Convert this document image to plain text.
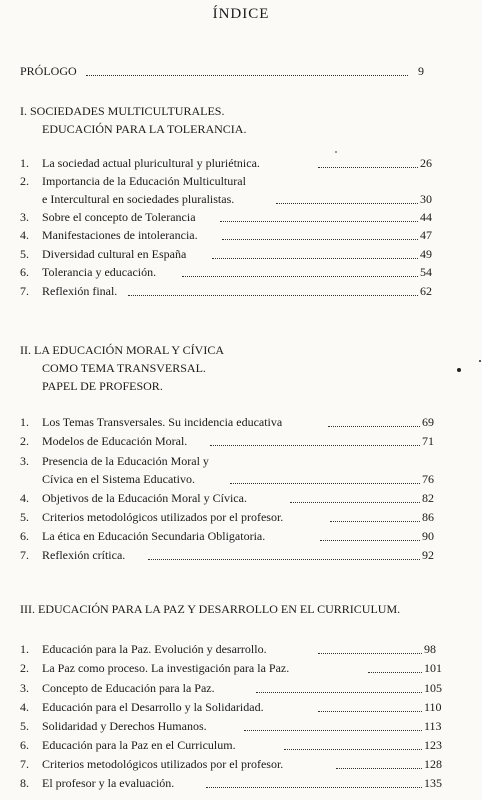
ÍNDICE
PRÓLOGO	9
I. SOCIEDADES MULTICULTURALES.
EDUCACIÓN PARA LA TOLERANCIA.
1. La sociedad actual pluricultural y pluriétnica.	26
2. Importancia de la Educación Multicultural
e Intercultural en sociedades pluralistas.	30
3. Sobre el concepto de Tolerancia	44
4. Manifestaciones de intolerancia.	47
5. Diversidad cultural en España	49
6. Tolerancia y educación.	54
7. Reflexión final.	62
II. LA EDUCACIÓN MORAL Y CÍVICA
COMO TEMA TRANSVERSAL.
PAPEL DE PROFESOR.
1. Los Temas Transversales. Su incidencia educativa	69
2. Modelos de Educación Moral.	71
3. Presencia de la Educación Moral y
Cívica en el Sistema Educativo.	76
4. Objetivos de la Educación Moral y Cívica.	82
5. Criterios metodológicos utilizados por el profesor.	86
6. La ética en Educación Secundaria Obligatoria.	90
7. Reflexión crítica.	92
III. EDUCACIÓN PARA LA PAZ Y DESARROLLO EN EL CURRICULUM.
1. Educación para la Paz. Evolución y desarrollo.	98
2. La Paz como proceso. La investigación para la Paz.	101
3. Concepto de Educación para la Paz.	105
4. Educación para el Desarrollo y la Solidaridad.	110
5. Solidaridad y Derechos Humanos.	113
6. Educación para la Paz en el Curriculum.	123
7. Criterios metodológicos utilizados por el profesor.	128
8. El profesor y la evaluación.	135
